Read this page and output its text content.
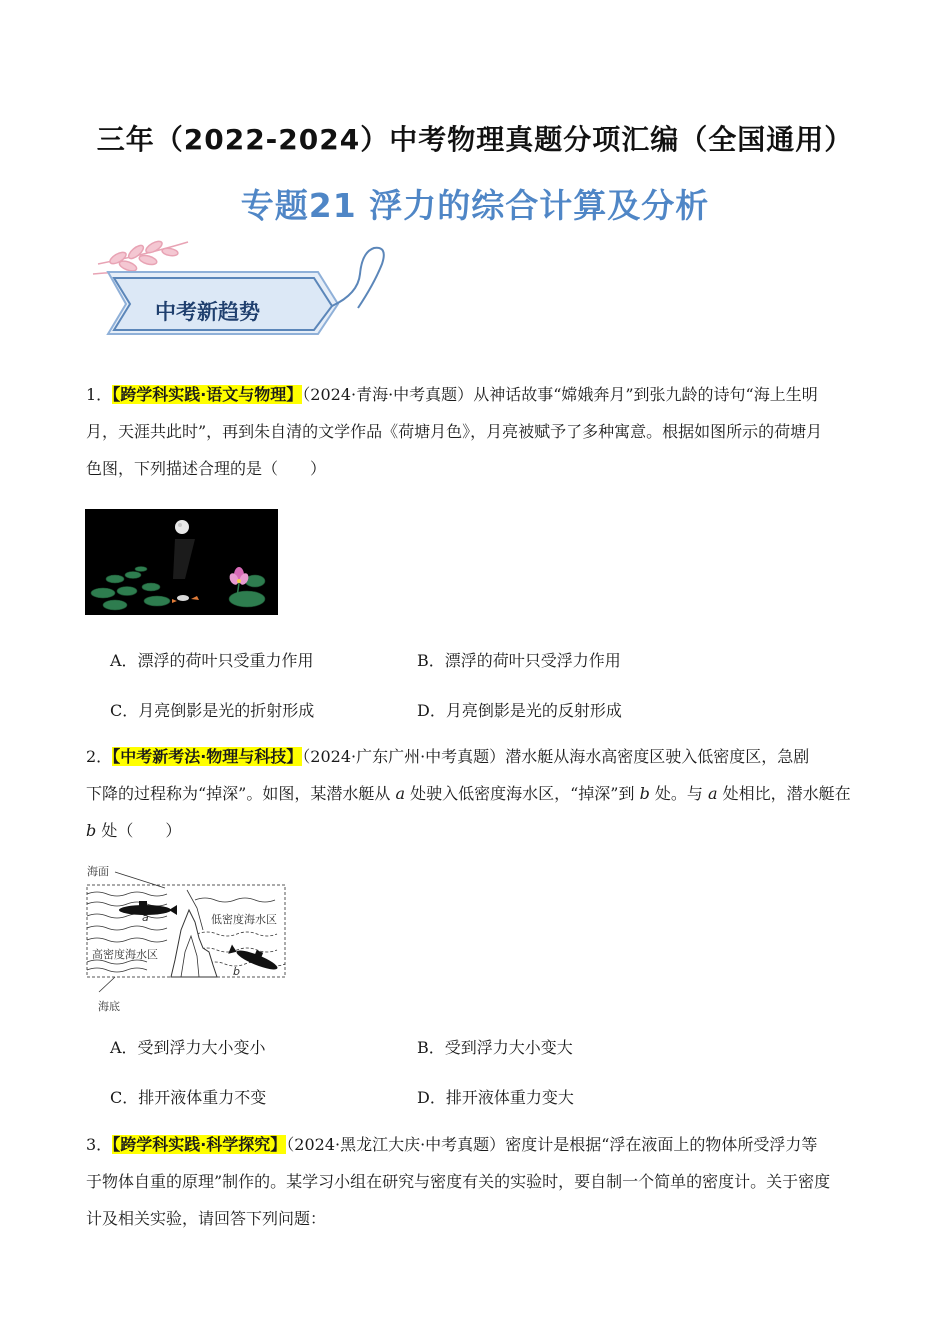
三年（2022-2024）中考物理真题分项汇编（全国通用）
专题21 浮力的综合计算及分析
中考新趋势
1．【跨学科实践·语文与物理】（2024·青海·中考真题）从神话故事“嫦娥奔月”到张九龄的诗句“海上生明
月，天涯共此时”，再到朱自清的文学作品《荷塘月色》，月亮被赋予了多种寓意。根据如图所示的荷塘月
色图，下列描述合理的是（　　）
A．漂浮的荷叶只受重力作用	B．漂浮的荷叶只受浮力作用
C．月亮倒影是光的折射形成	D．月亮倒影是光的反射形成
2．【中考新考法·物理与科技】（2024·广东广州·中考真题）潜水艇从海水高密度区驶入低密度区，急剧
下降的过程称为“掉深”。如图，某潜水艇从 a 处驶入低密度海水区，“掉深”到 b 处。与 a 处相比，潜水艇在
b 处（　　）
海面
低密度海水区
高密度海水区
海底
a
b
A．受到浮力大小变小	B．受到浮力大小变大
C．排开液体重力不变	D．排开液体重力变大
3．【跨学科实践·科学探究】（2024·黑龙江大庆·中考真题）密度计是根据“浮在液面上的物体所受浮力等
于物体自重的原理”制作的。某学习小组在研究与密度有关的实验时，要自制一个简单的密度计。关于密度
计及相关实验，请回答下列问题：
